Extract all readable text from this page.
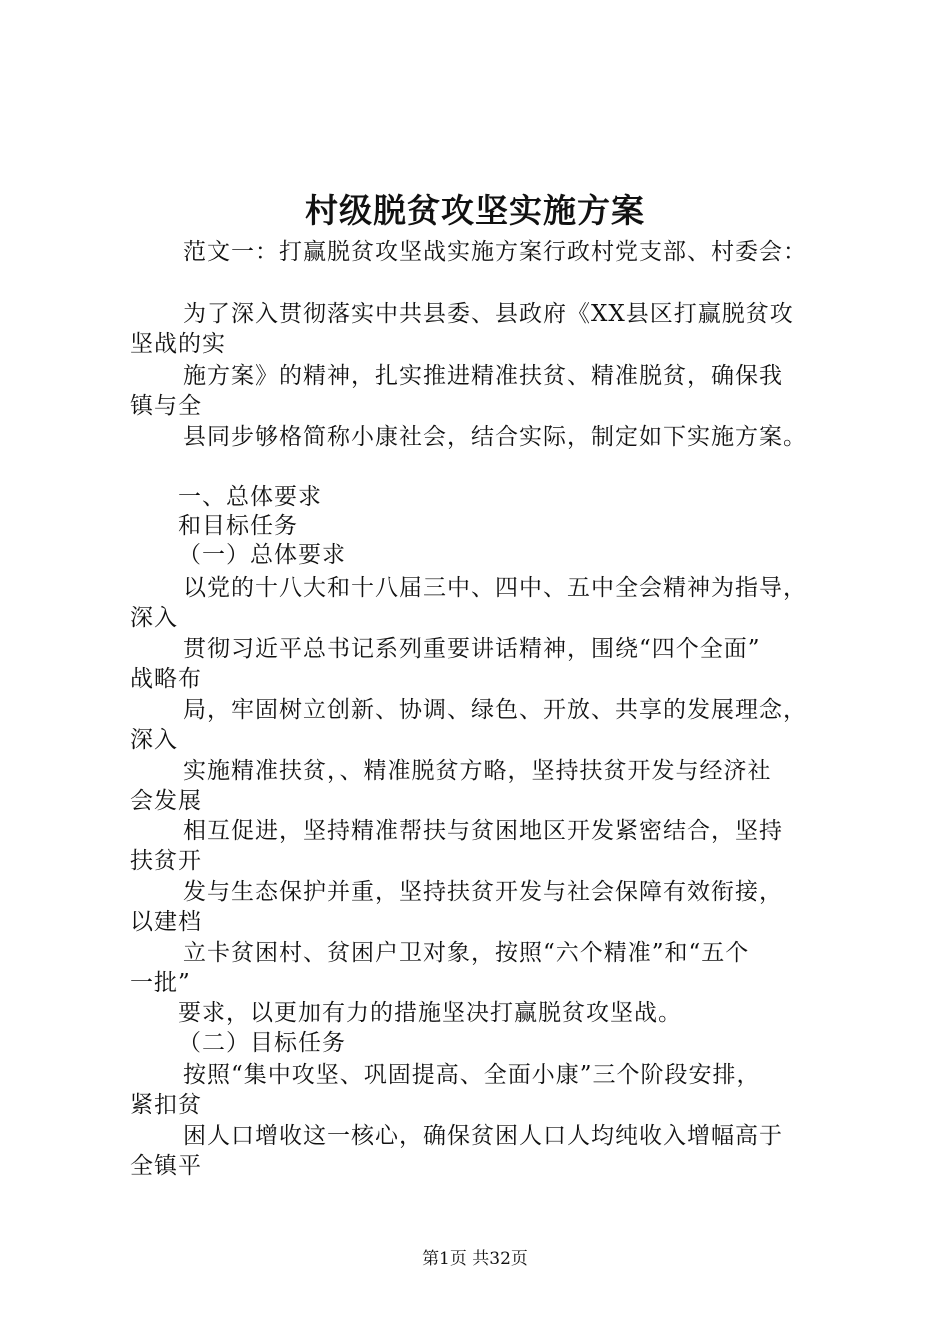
村级脱贫攻坚实施方案
范文一：打赢脱贫攻坚战实施方案行政村党支部、村委会：
为了深入贯彻落实中共县委、县政府《XX县区打赢脱贫攻
坚战的实
施方案》的精神，扎实推进精准扶贫、精准脱贫，确保我
镇与全
县同步够格简称小康社会，结合实际，制定如下实施方案。
一、总体要求
和目标任务
（一）总体要求
以党的十八大和十八届三中、四中、五中全会精神为指导，
深入
贯彻习近平总书记系列重要讲话精神，围绕“四个全面”
战略布
局，牢固树立创新、协调、绿色、开放、共享的发展理念，
深入
实施精准扶贫，、精准脱贫方略，坚持扶贫开发与经济社
会发展
相互促进，坚持精准帮扶与贫困地区开发紧密结合，坚持
扶贫开
发与生态保护并重，坚持扶贫开发与社会保障有效衔接，
以建档
立卡贫困村、贫困户卫对象，按照“六个精准”和“五个
一批”
要求，以更加有力的措施坚决打赢脱贫攻坚战。
（二）目标任务
按照“集中攻坚、巩固提高、全面小康”三个阶段安排，
紧扣贫
困人口增收这一核心，确保贫困人口人均纯收入增幅高于
全镇平
第1页 共32页
